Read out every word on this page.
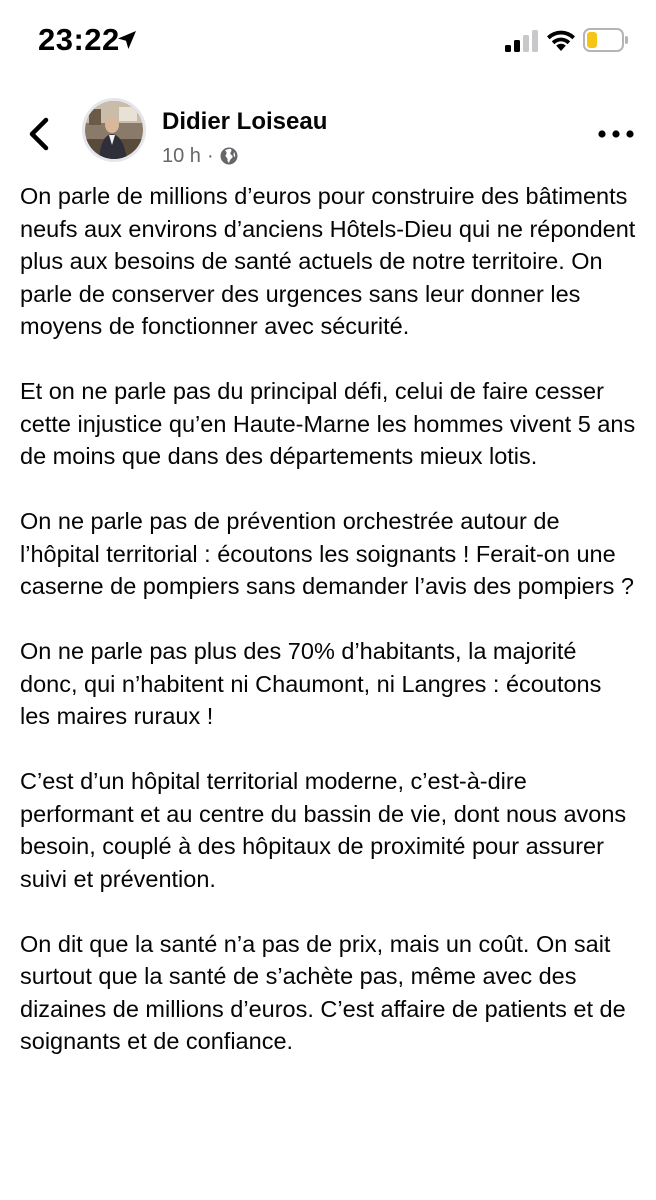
23:22
Didier Loiseau
10 h ·

On parle de millions d’euros pour construire des bâtiments neufs aux environs d’anciens Hôtels-Dieu qui ne répondent plus aux besoins de santé actuels de notre territoire. On parle de conserver des urgences sans leur donner les moyens de fonctionner avec sécurité.

Et on ne parle pas du principal défi, celui de faire cesser cette injustice qu’en Haute-Marne les hommes vivent 5 ans de moins que dans des départements mieux lotis.

On ne parle pas de prévention orchestrée autour de l’hôpital territorial : écoutons les soignants ! Ferait-on une caserne de pompiers sans demander l’avis des pompiers ?

On ne parle pas plus des 70% d’habitants, la majorité donc, qui n’habitent ni Chaumont, ni Langres : écoutons les maires ruraux !

C’est d’un hôpital territorial moderne, c’est-à-dire performant et au centre du bassin de vie, dont nous avons besoin, couplé à des hôpitaux de proximité pour assurer suivi et prévention.

On dit que la santé n’a pas de prix, mais un coût. On sait surtout que la santé de s’achète pas, même avec des dizaines de millions d’euros. C’est affaire de patients et de soignants et de confiance.
